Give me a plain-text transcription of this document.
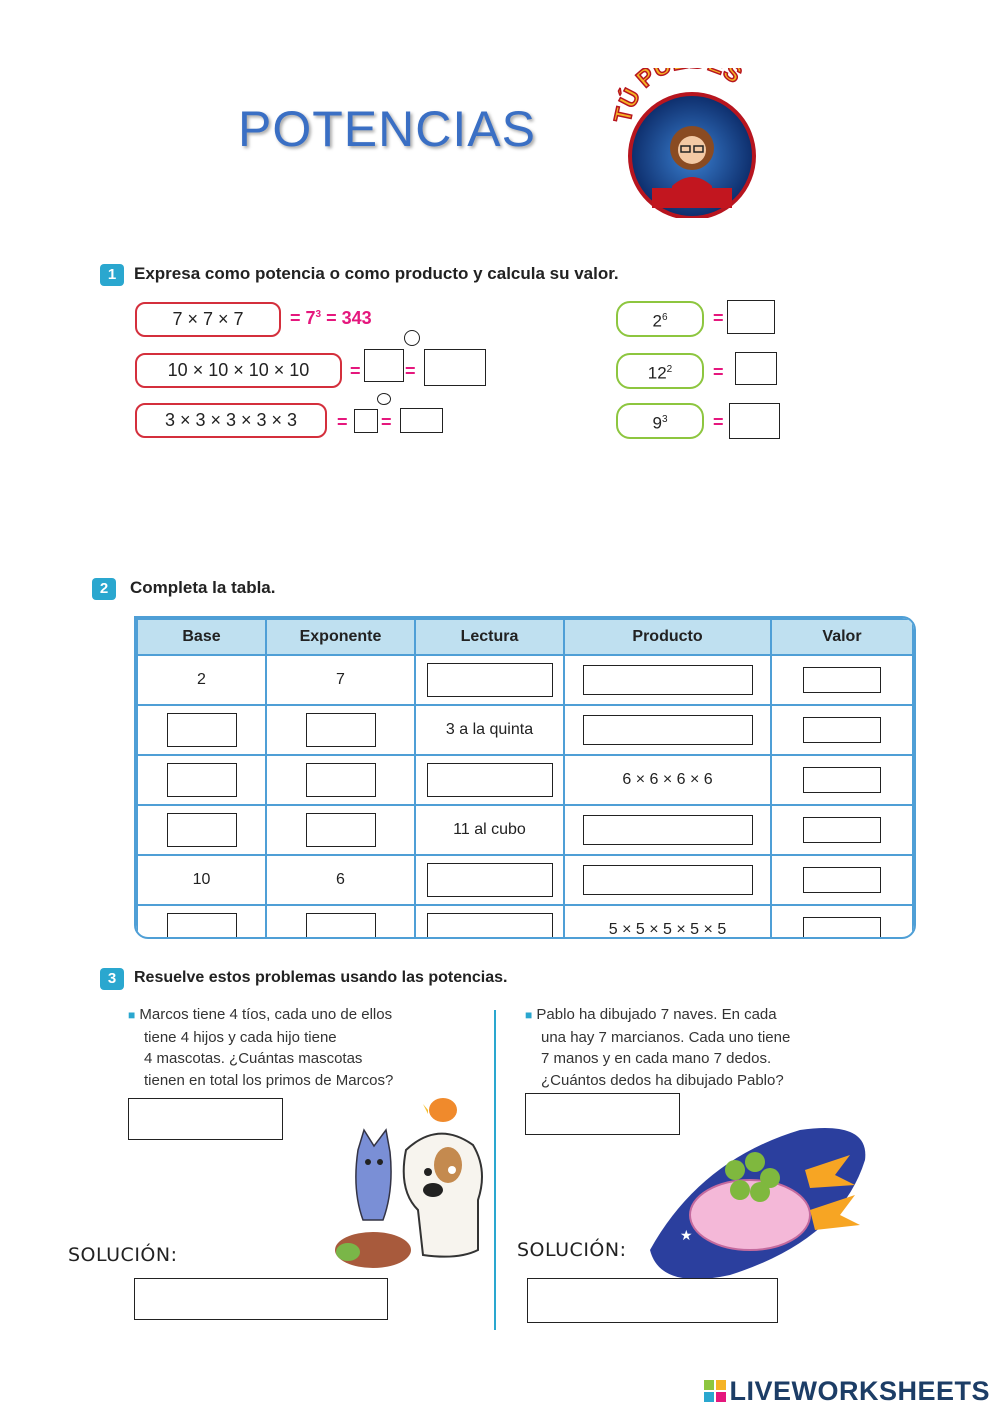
POTENCIAS	TÚ P S
1	Expresa como potencia o como producto y calcula su valor.
7 × 7 × 7	= $7^3 = 343$
10 × 10 × 10 × 10	= =
3 × 3 × 3 × 3 × 3	= =
$2^6$	=
$12^2$	=
$9^3$	=
2	Completa la tabla.
Base	Exponente	Lectura	Producto	Valor
2	7			
		3 a la quinta		
			6 × 6 × 6 × 6	
		11 al cubo		
10	6			
			5 × 5 × 5 × 5 × 5	
3	Resuelve estos problemas usando las potencias.
■ Marcos tiene 4 tíos, cada uno de ellos
tiene 4 hijos y cada hijo tiene
4 mascotas. ¿Cuántas mascotas
tienen en total los primos de Marcos?
SOLUCIÓN:
■ Pablo ha dibujado 7 naves. En cada
una hay 7 marcianos. Cada uno tiene
7 manos y en cada mano 7 dedos.
¿Cuántos dedos ha dibujado Pablo?
★
★
SOLUCIÓN:
LIVEWORKSHEETS
